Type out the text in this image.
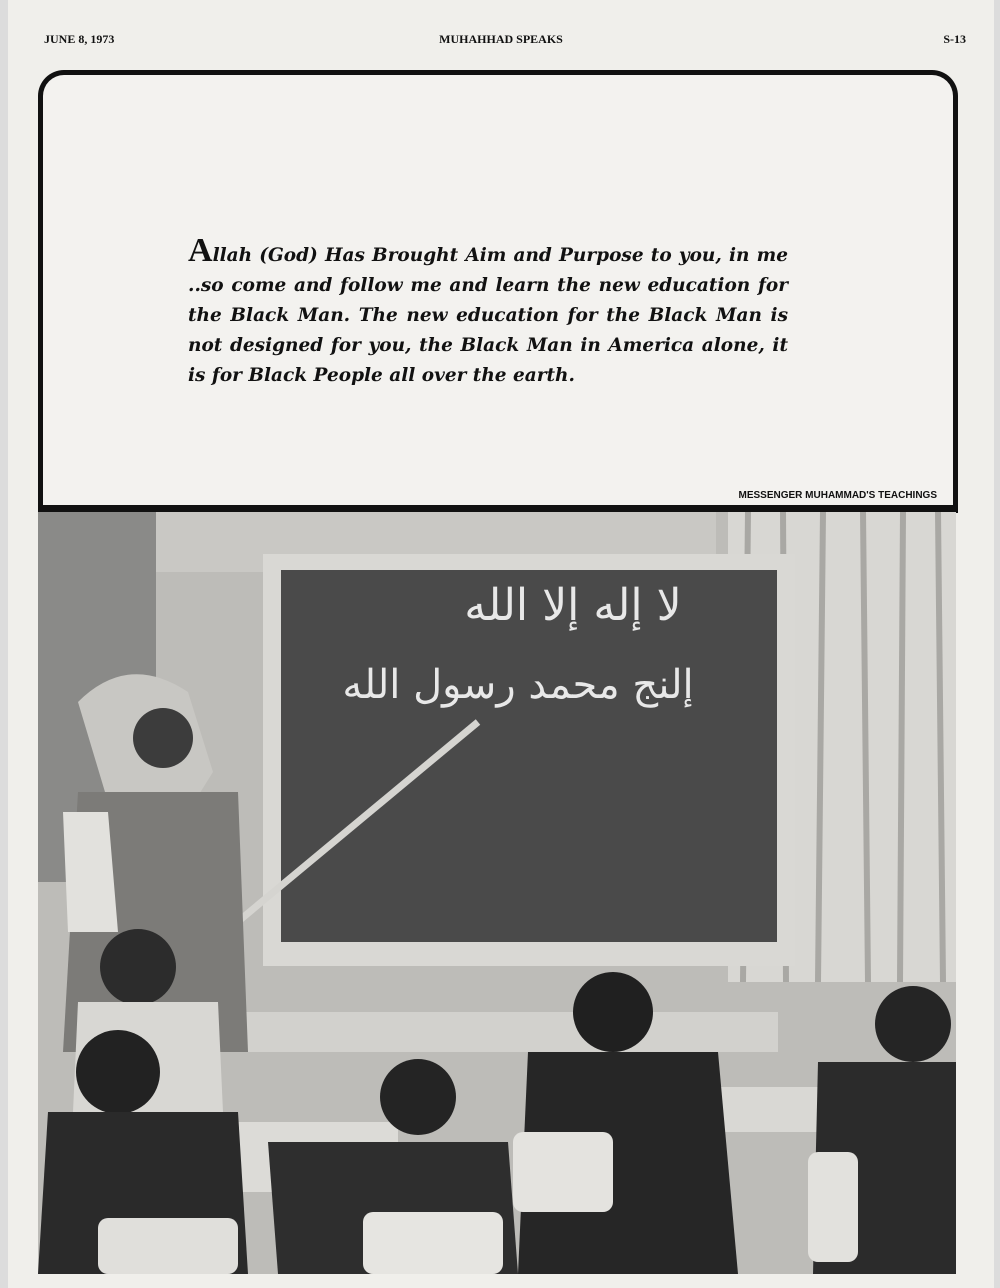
JUNE 8, 1973	MUHAHHAD SPEAKS	S-13
Allah (God) Has Brought Aim and Purpose to you, in me ..so come and follow me and learn the new education for the Black Man. The new education for the Black Man is not designed for you, the Black Man in America alone, it is for Black People all over the earth.
MESSENGER MUHAMMAD'S TEACHINGS
لا إله إلا الله
إلنج محمد رسول الله
